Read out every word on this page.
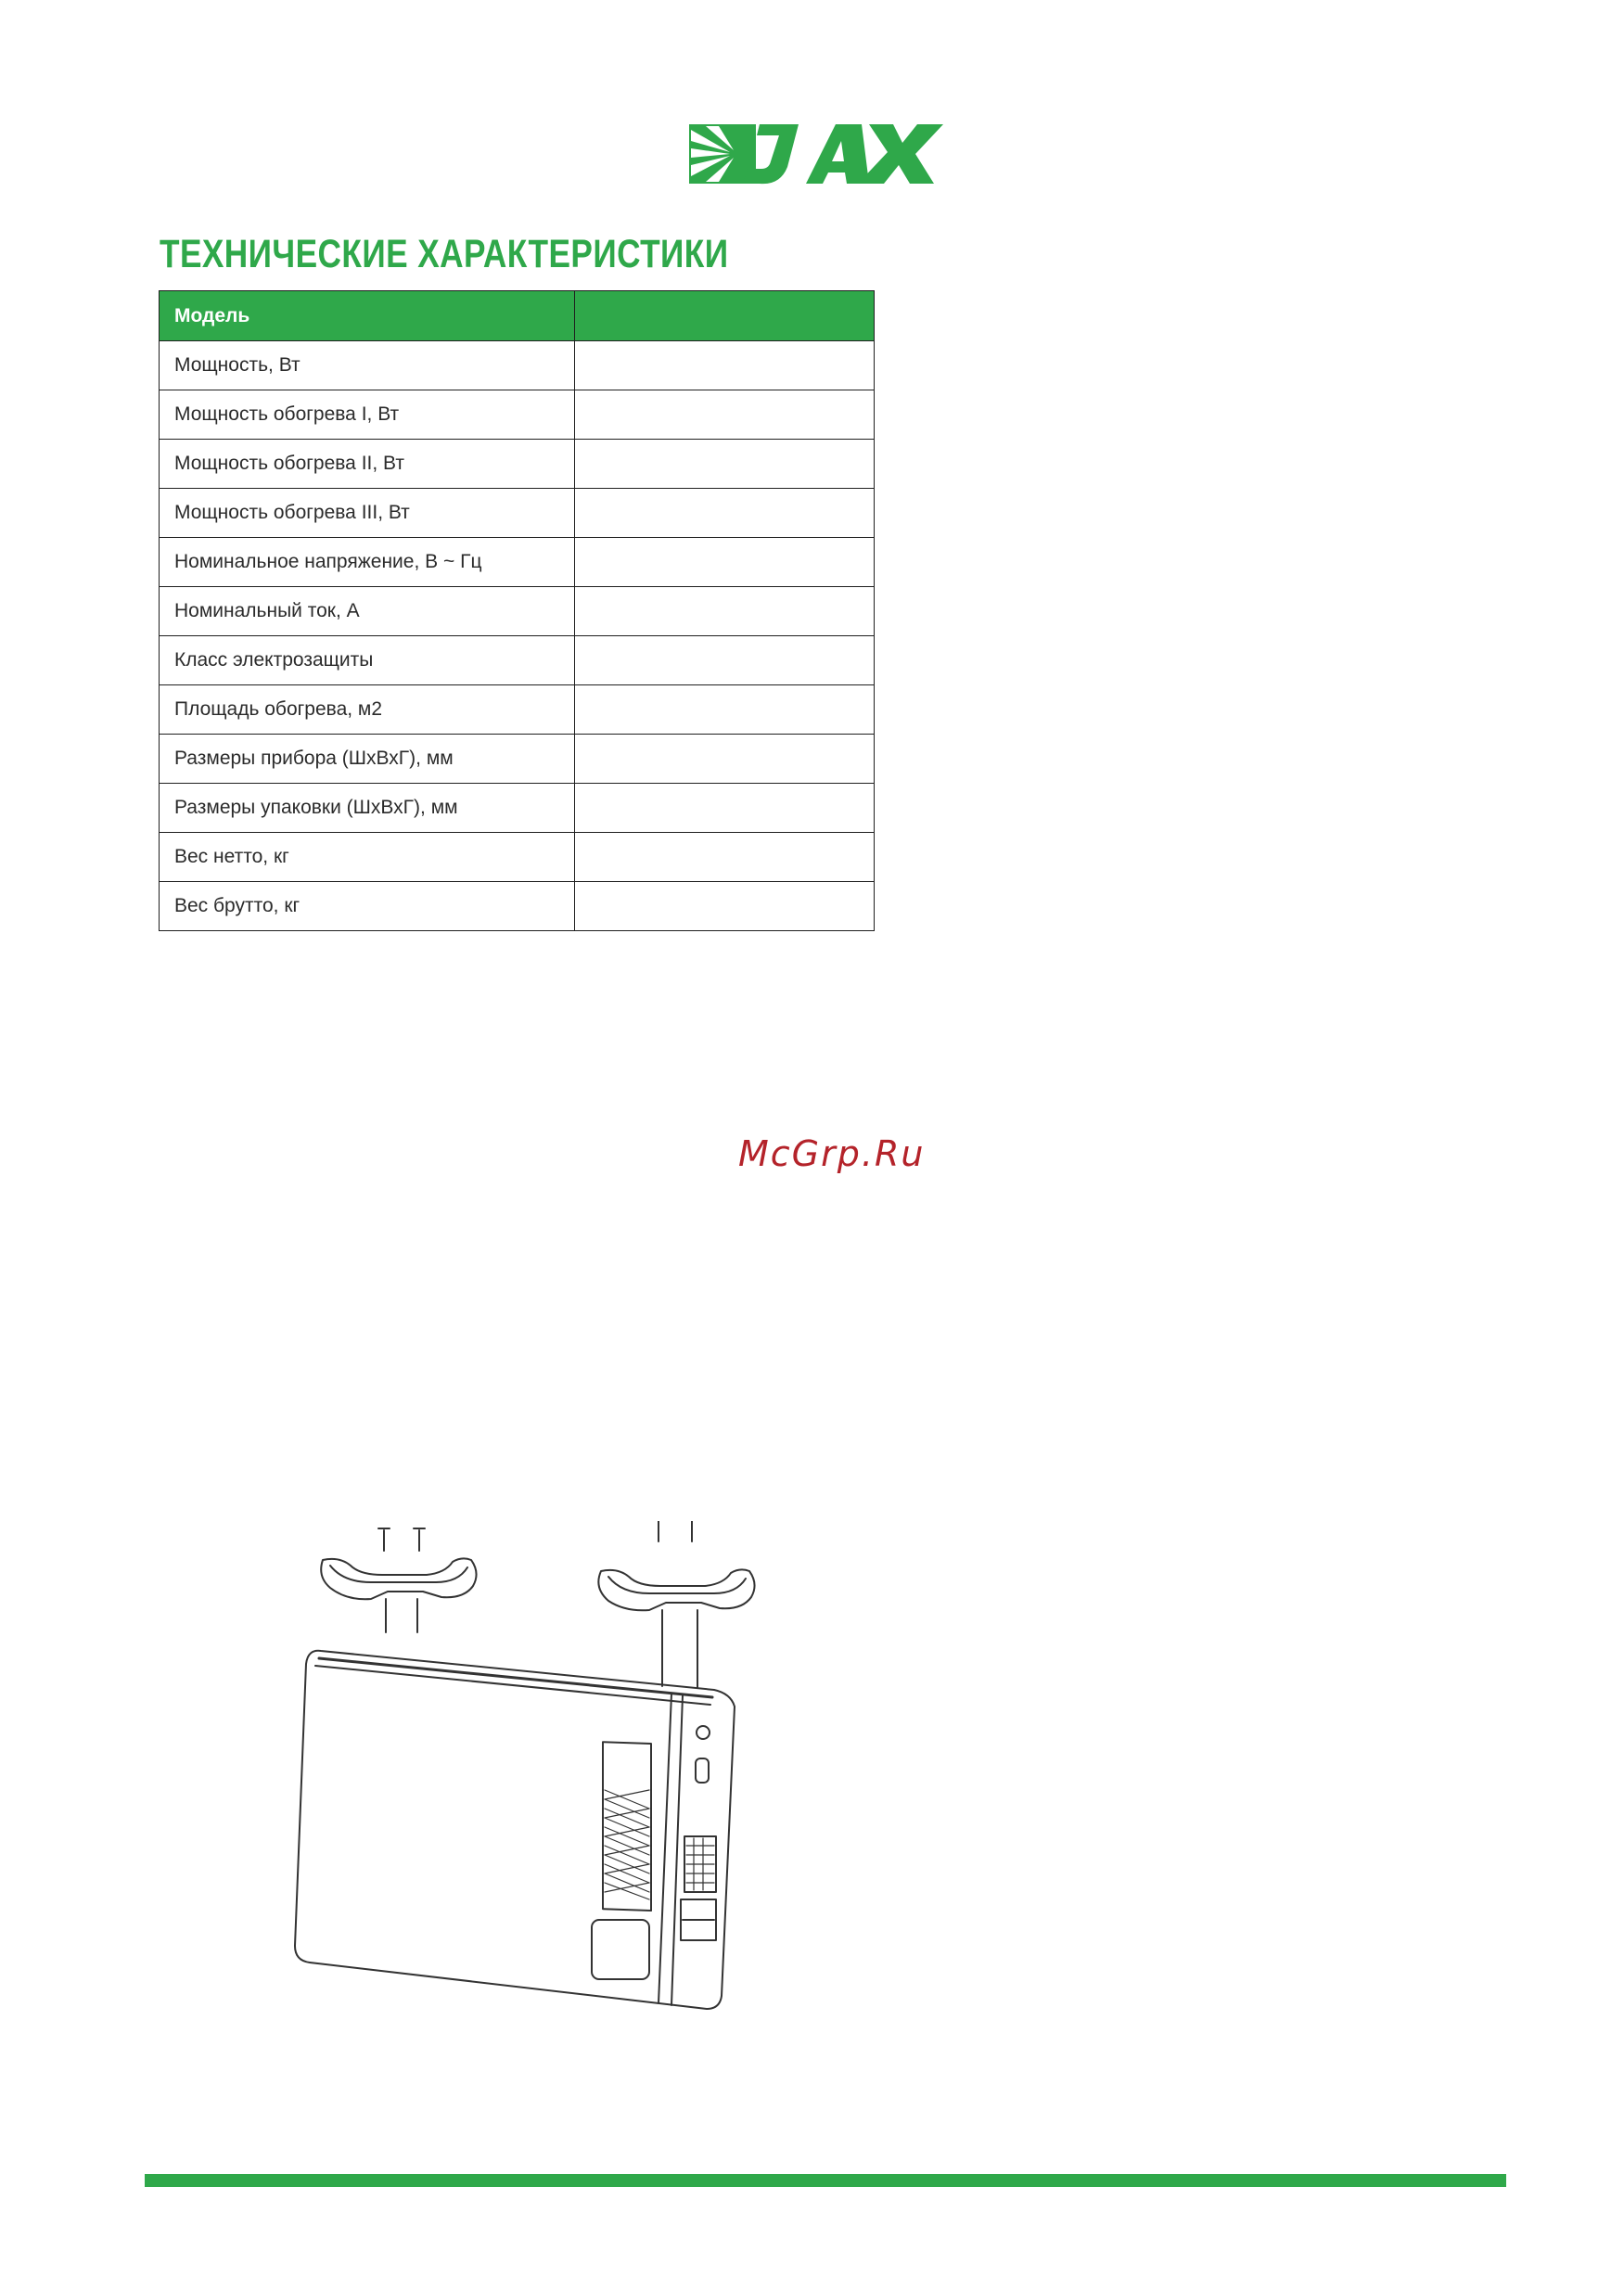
ТЕХНИЧЕСКИЕ ХАРАКТЕРИСТИКИ
Модель	
Мощность, Вт	
Мощность обогрева I, Вт	
Мощность обогрева II, Вт	
Мощность обогрева III, Вт	
Номинальное напряжение, В ~ Гц	
Номинальный ток, А	
Класс электрозащиты	
Площадь обогрева, м2	
Размеры прибора (ШхВхГ), мм	
Размеры упаковки (ШхВхГ), мм	
Вес нетто, кг	
Вес брутто, кг	
McGrp.Ru
